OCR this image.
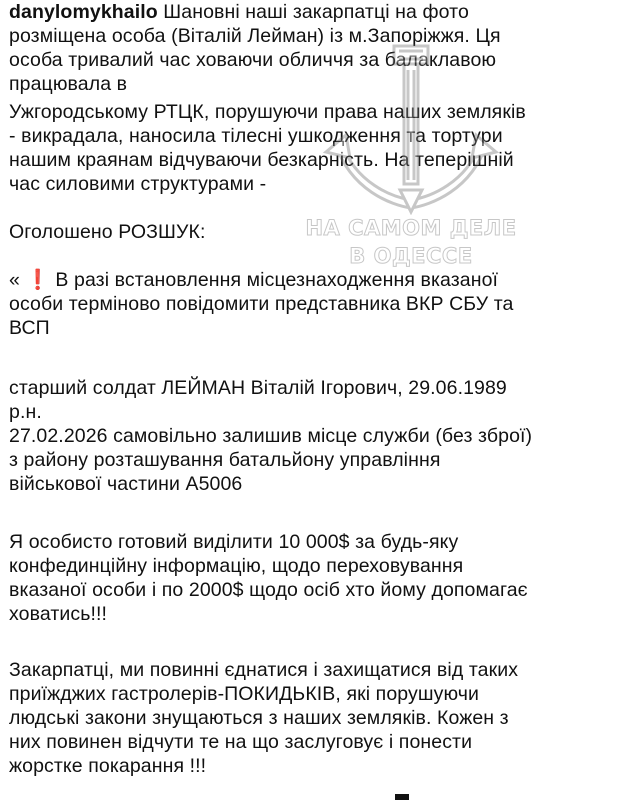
danylomykhailo Шановні наші закарпатці на фото
розміщена особа (Віталій Лейман) із м.Запоріжжя. Ця
особа тривалий час ховаючи обличчя за балаклавою
працювала в
Ужгородському РТЦК, порушуючи права наших земляків
- викрадала, наносила тілесні ушкодження та тортури
нашим краянам відчуваючи безкарність. На теперішній
час силовими структурами -
Оголошено РОЗШУК:
« ❗ В разі встановлення місцезнаходження вказаної
особи терміново повідомити представника ВКР СБУ та
ВСП
старший солдат ЛЕЙМАН Віталій Ігорович, 29.06.1989
р.н.
27.02.2026 самовільно залишив місце служби (без зброї)
з району розташування батальйону управління
військової частини А5006
Я особисто готовий виділити 10 000$ за будь-яку
конфединційну інформацію, щодо переховування
вказаної особи і по 2000$ щодо осіб хто йому допомагає
ховатись!!!
Закарпатці, ми повинні єднатися і захищатися від таких
приїжджих гастролерів-ПОКИДЬКІВ, які порушуючи
людські закони знущаються з наших земляків. Кожен з
них повинен відчути те на що заслуговує і понести
жорстке покарання !!!
НА САМОМ ДЕЛЕ
В ОДЕССЕ
